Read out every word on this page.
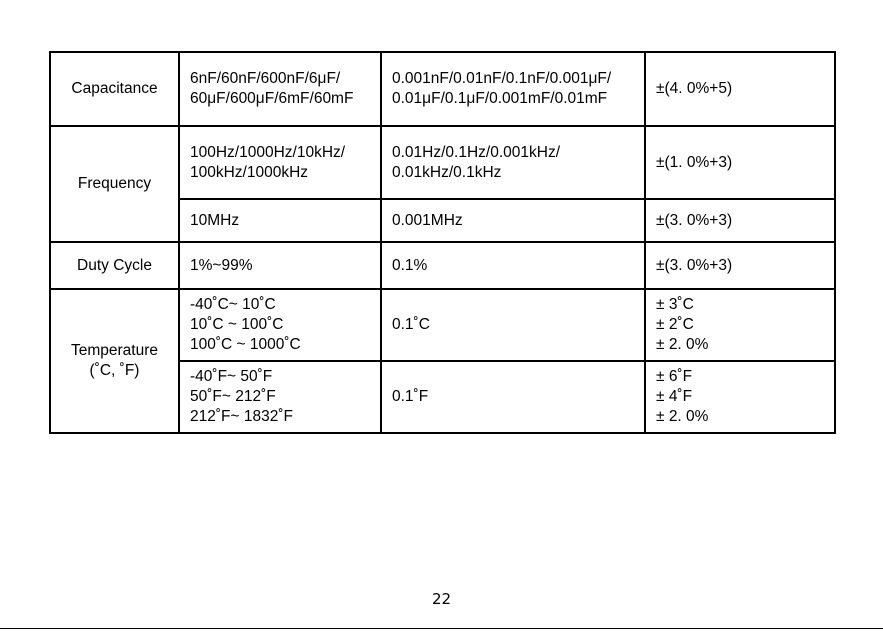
Capacitance	6nF/60nF/600nF/6μF/
60μF/600μF/6mF/60mF	0.001nF/0.01nF/0.1nF/0.001μF/
0.01μF/0.1μF/0.001mF/0.01mF	±(4. 0%+5)

Frequency	100Hz/1000Hz/10kHz/
100kHz/1000kHz	0.01Hz/0.1Hz/0.001kHz/
0.01kHz/0.1kHz	±(1. 0%+3)

	10MHz	0.001MHz	±(3. 0%+3)

Duty Cycle	1%~99%	0.1%	±(3. 0%+3)

Temperature
(˚C, ˚F)	-40˚C~ 10˚C
10˚C ~ 100˚C
100˚C ~ 1000˚C	0.1˚C	± 3˚C
± 2˚C
± 2. 0%

	-40˚F~ 50˚F
50˚F~ 212˚F
212˚F~ 1832˚F	0.1˚F	± 6˚F
± 4˚F
± 2. 0%
22
